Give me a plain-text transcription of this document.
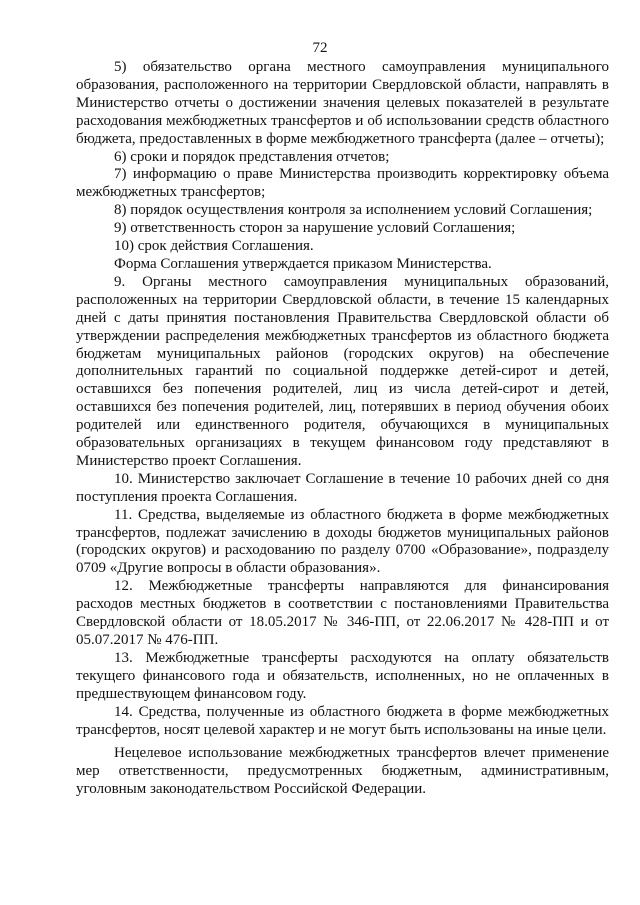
72

5) обязательство органа местного самоуправления муниципального образования, расположенного на территории Свердловской области, направлять в Министерство отчеты о достижении значения целевых показателей в результате расходования межбюджетных трансфертов и об использовании средств областного бюджета, предоставленных в форме межбюджетного трансферта (далее – отчеты);

6) сроки и порядок представления отчетов;

7) информацию о праве Министерства производить корректировку объема межбюджетных трансфертов;

8) порядок осуществления контроля за исполнением условий Соглашения;

9) ответственность сторон за нарушение условий Соглашения;

10) срок действия Соглашения.

Форма Соглашения утверждается приказом Министерства.

9. Органы местного самоуправления муниципальных образований, расположенных на территории Свердловской области, в течение 15 календарных дней с даты принятия постановления Правительства Свердловской области об утверждении распределения межбюджетных трансфертов из областного бюджета бюджетам муниципальных районов (городских округов) на обеспечение дополнительных гарантий по социальной поддержке детей-сирот и детей, оставшихся без попечения родителей, лиц из числа детей-сирот и детей, оставшихся без попечения родителей, лиц, потерявших в период обучения обоих родителей или единственного родителя, обучающихся в муниципальных образовательных организациях в текущем финансовом году представляют в Министерство проект Соглашения.

10. Министерство заключает Соглашение в течение 10 рабочих дней со дня поступления проекта Соглашения.

11. Средства, выделяемые из областного бюджета в форме межбюджетных трансфертов, подлежат зачислению в доходы бюджетов муниципальных районов (городских округов) и расходованию по разделу 0700 «Образование», подразделу 0709 «Другие вопросы в области образования».

12. Межбюджетные трансферты направляются для финансирования расходов местных бюджетов в соответствии с постановлениями Правительства Свердловской области от 18.05.2017 № 346-ПП, от 22.06.2017 № 428-ПП и от 05.07.2017 № 476-ПП.

13. Межбюджетные трансферты расходуются на оплату обязательств текущего финансового года и обязательств, исполненных, но не оплаченных в предшествующем финансовом году.

14. Средства, полученные из областного бюджета в форме межбюджетных трансфертов, носят целевой характер и не могут быть использованы на иные цели.

Нецелевое использование межбюджетных трансфертов влечет применение мер ответственности, предусмотренных бюджетным, административным, уголовным законодательством Российской Федерации.
